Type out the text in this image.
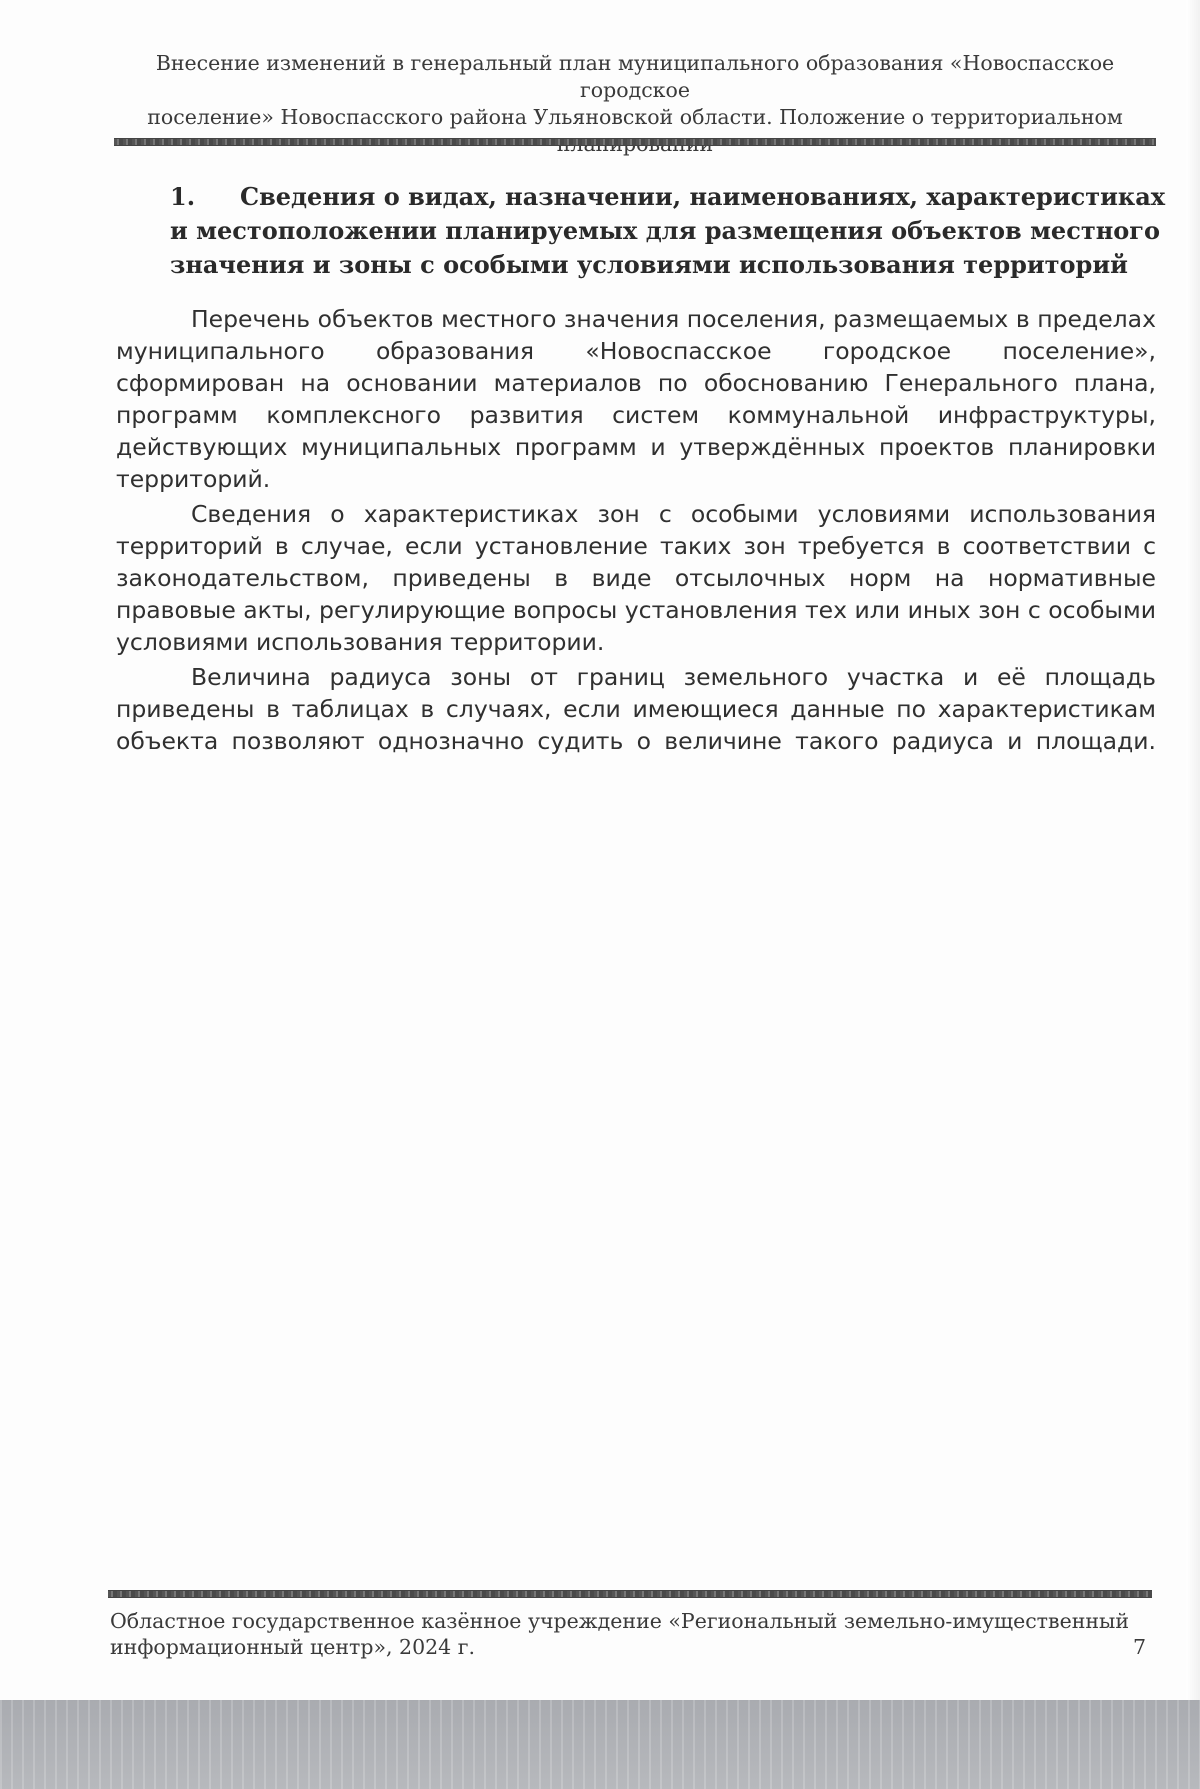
Внесение изменений в генеральный план муниципального образования «Новоспасское городское
поселение» Новоспасского района Ульяновской области. Положение о территориальном
1. Сведения о видах, назначении, наименованиях, характеристиках
и местоположении планируемых для размещения объектов местного
значения и зоны с особыми условиями использования территорий

Перечень объектов местного значения поселения, размещаемых в пределах муниципального образования «Новоспасское городское поселение», сформирован на основании материалов по обоснованию Генерального плана, программ комплексного развития систем коммунальной инфраструктуры, действующих муниципальных программ и утверждённых проектов планировки территорий.

Сведения о характеристиках зон с особыми условиями использования территорий в случае, если установление таких зон требуется в соответствии с законодательством, приведены в виде отсылочных норм на нормативные правовые акты, регулирующие вопросы установления тех или иных зон с особыми условиями использования территории.

Величина радиуса зоны от границ земельного участка и её площадь приведены в таблицах в случаях, если имеющиеся данные по характеристикам объекта позволяют однозначно судить о величине такого радиуса и площади.

Областное государственное казённое учреждение «Региональный земельно-имущественный
информационный центр», 2024 г.	7
